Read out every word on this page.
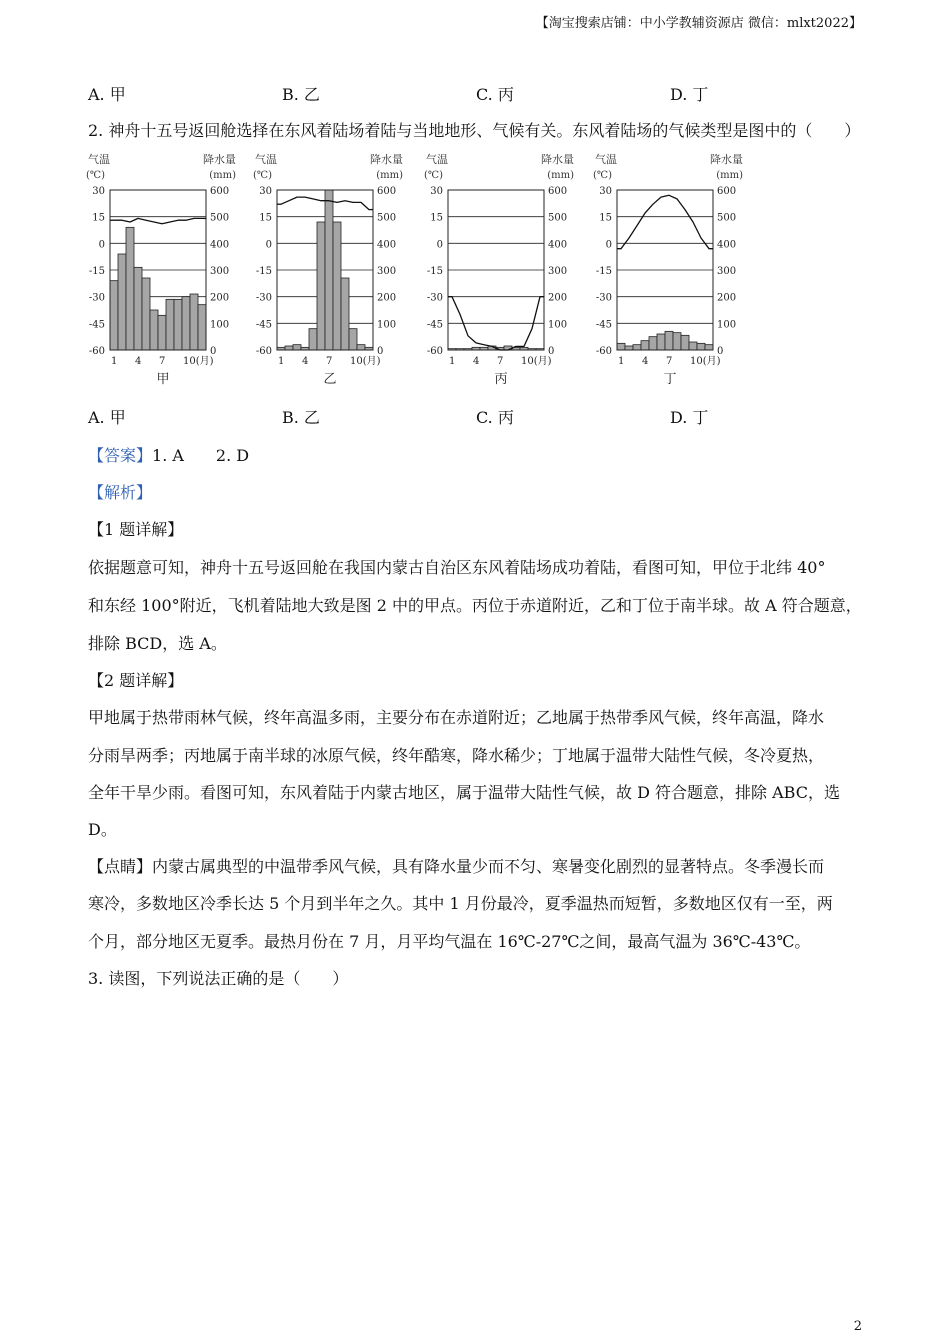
【淘宝搜索店铺：中小学教辅资源店 微信：mlxt2022】
A. 甲	B. 乙	C. 丙	D. 丁
2. 神舟十五号返回舱选择在东风着陆场着陆与当地地形、气候有关。东风着陆场的气候类型是图中的（　　）
气温
(℃)
降水量
(mm)
30	600
15	500
0	400
-15	300
-30	200
-45	100
-60	0
1 4 7 10(月)
甲
气温
(℃)
降水量
(mm)
30	600
15	500
0	400
-15	300
-30	200
-45	100
-60	0
1 4 7 10(月)
乙
气温
(℃)
降水量
(mm)
30	600
15	500
0	400
-15	300
-30	200
-45	100
-60	0
1 4 7 10(月)
丙
气温
(℃)
降水量
(mm)
30	600
15	500
0	400
-15	300
-30	200
-45	100
-60	0
1 4 7 10(月)
丁
A. 甲	B. 乙	C. 丙	D. 丁
【答案】1. A　　2. D
【解析】
【1 题详解】
依据题意可知，神舟十五号返回舱在我国内蒙古自治区东风着陆场成功着陆，看图可知，甲位于北纬 40°
和东经 100°附近，飞机着陆地大致是图 2 中的甲点。丙位于赤道附近，乙和丁位于南半球。故 A 符合题意，
排除 BCD，选 A。
【2 题详解】
甲地属于热带雨林气候，终年高温多雨，主要分布在赤道附近；乙地属于热带季风气候，终年高温，降水
分雨旱两季；丙地属于南半球的冰原气候，终年酷寒，降水稀少；丁地属于温带大陆性气候，冬冷夏热，
全年干旱少雨。看图可知，东风着陆于内蒙古地区，属于温带大陆性气候，故 D 符合题意，排除 ABC，选
D。
【点睛】内蒙古属典型的中温带季风气候，具有降水量少而不匀、寒暑变化剧烈的显著特点。冬季漫长而
寒冷，多数地区冷季长达 5 个月到半年之久。其中 1 月份最冷，夏季温热而短暂，多数地区仅有一至，两
个月，部分地区无夏季。最热月份在 7 月，月平均气温在 16℃-27℃之间，最高气温为 36℃-43℃。
3. 读图，下列说法正确的是（　　）
2
